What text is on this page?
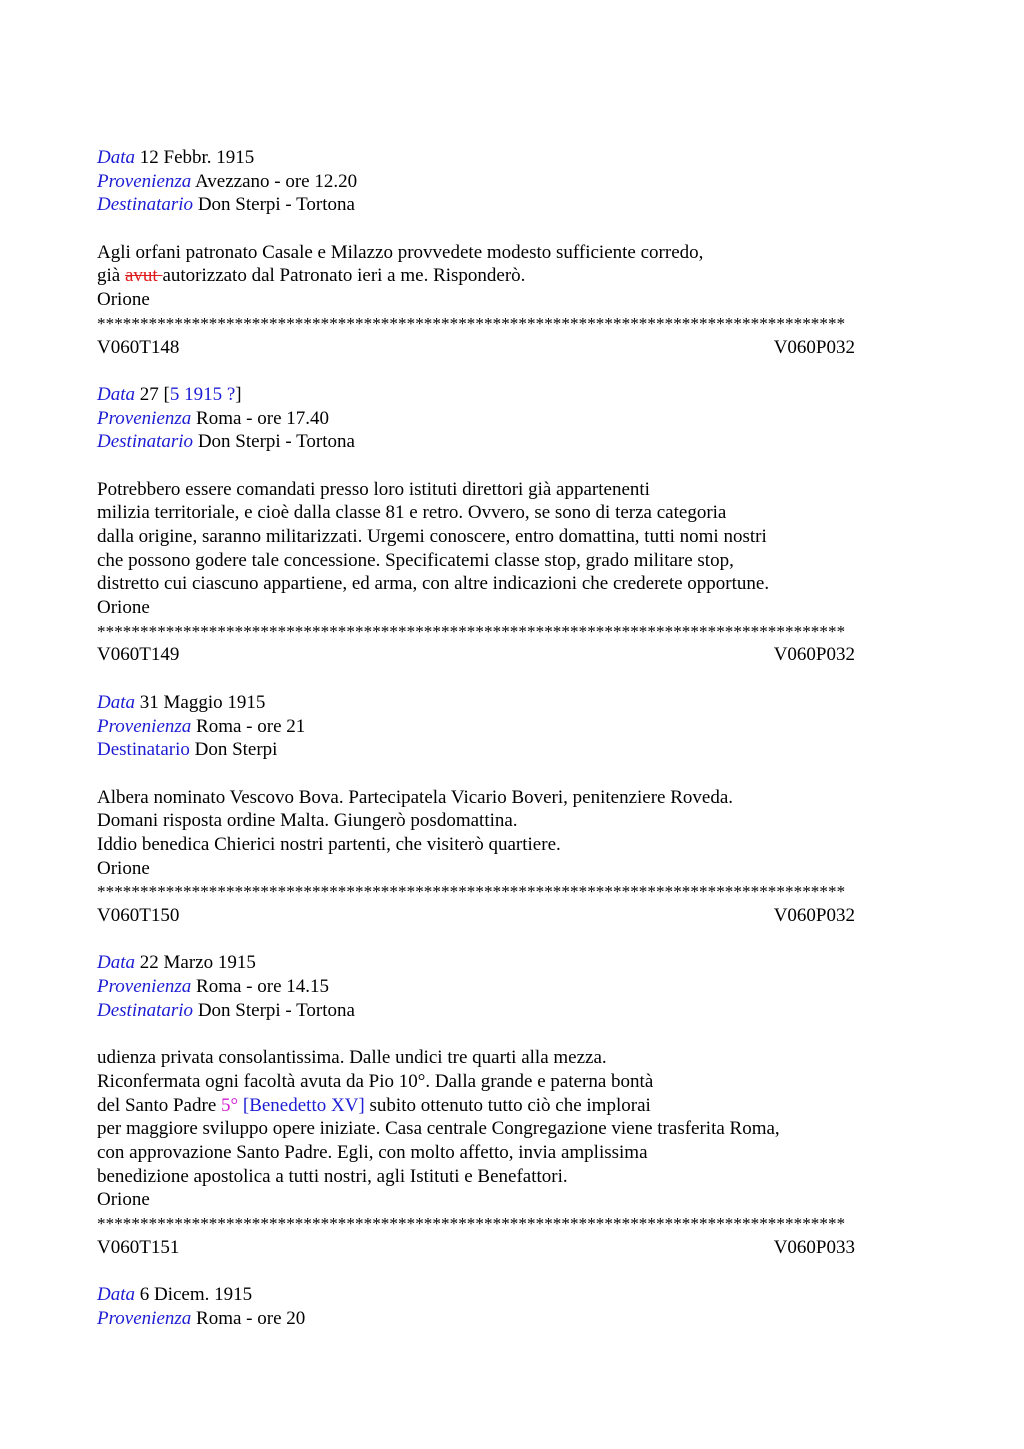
Data 12 Febbr. 1915
Provenienza Avezzano - ore 12.20
Destinatario Don Sterpi - Tortona
Agli orfani patronato Casale e Milazzo provvedete modesto sufficiente corredo,
già avut autorizzato dal Patronato ieri a me. Risponderò.
Orione
***************************************************************************************
V060T148	V060P032
Data 27 [5 1915 ?]
Provenienza Roma - ore 17.40
Destinatario Don Sterpi - Tortona
Potrebbero essere comandati presso loro istituti direttori già appartenenti
milizia territoriale, e cioè dalla classe 81 e retro. Ovvero, se sono di terza categoria
dalla origine, saranno militarizzati. Urgemi conoscere, entro domattina, tutti nomi nostri
che possono godere tale concessione. Specificatemi classe stop, grado militare stop,
distretto cui ciascuno appartiene, ed arma, con altre indicazioni che crederete opportune.
Orione
***************************************************************************************
V060T149	V060P032
Data 31 Maggio 1915
Provenienza Roma - ore 21
Destinatario Don Sterpi
Albera nominato Vescovo Bova. Partecipatela Vicario Boveri, penitenziere Roveda.
Domani risposta ordine Malta. Giungerò posdomattina.
Iddio benedica Chierici nostri partenti, che visiterò quartiere.
Orione
***************************************************************************************
V060T150	V060P032
Data 22 Marzo 1915
Provenienza Roma - ore 14.15
Destinatario Don Sterpi - Tortona
udienza privata consolantissima. Dalle undici tre quarti alla mezza.
Riconfermata ogni facoltà avuta da Pio 10°. Dalla grande e paterna bontà
del Santo Padre 5° [Benedetto XV] subito ottenuto tutto ciò che implorai
per maggiore sviluppo opere iniziate. Casa centrale Congregazione viene trasferita Roma,
con approvazione Santo Padre. Egli, con molto affetto, invia amplissima
benedizione apostolica a tutti nostri, agli Istituti e Benefattori.
Orione
***************************************************************************************
V060T151	V060P033
Data 6 Dicem. 1915
Provenienza Roma - ore 20
